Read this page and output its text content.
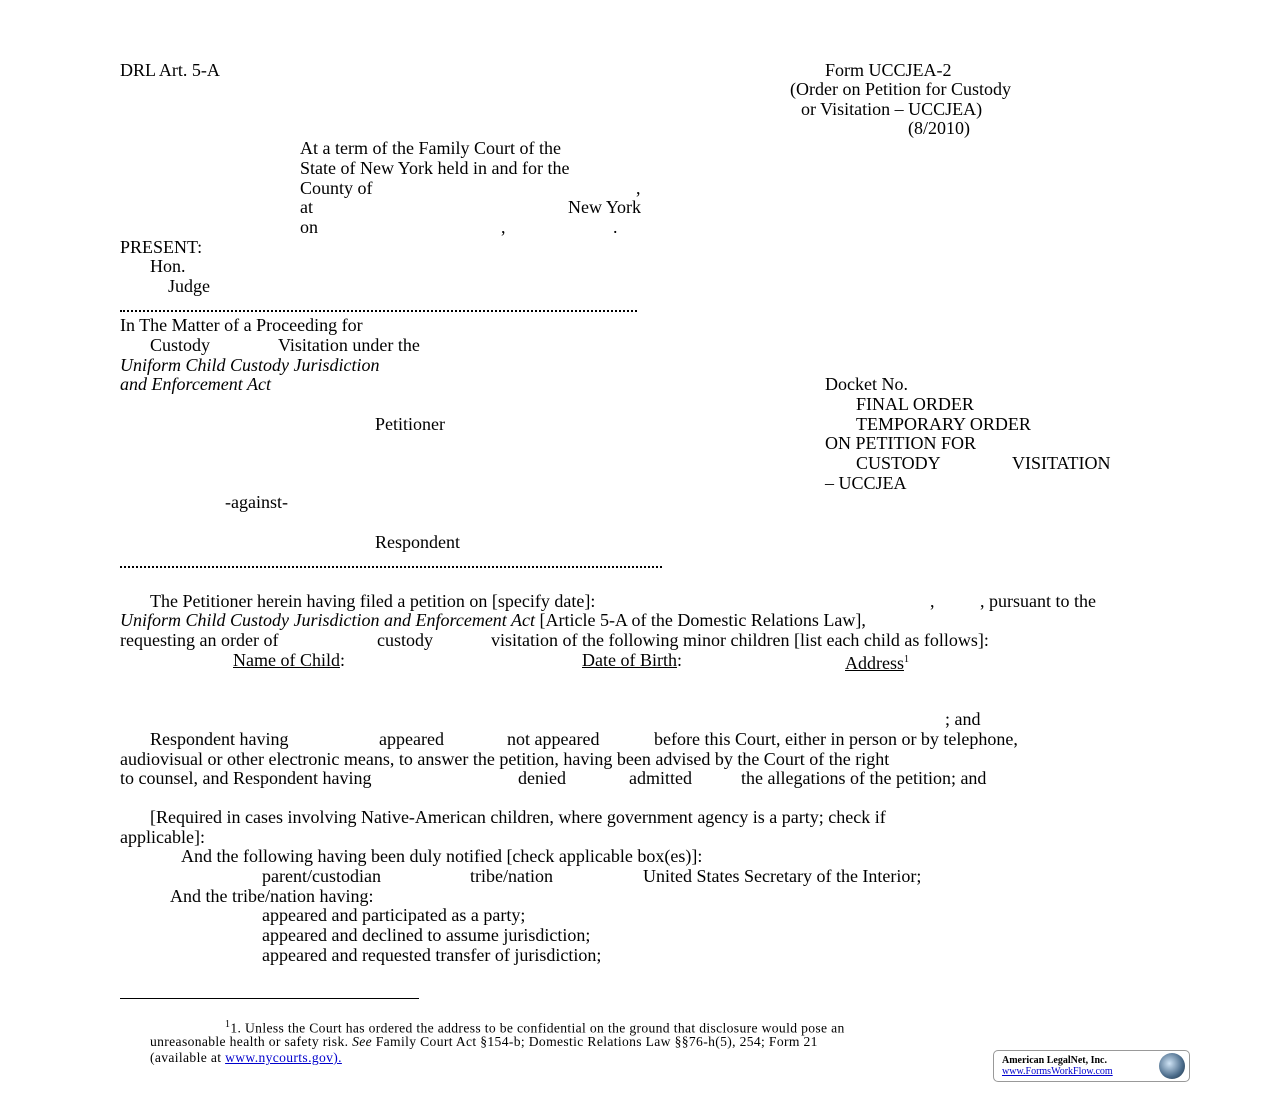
DRL Art. 5-A	Form UCCJEA-2
(Order on Petition for Custody
or Visitation – UCCJEA)
(8/2010)
At a term of the Family Court of the
State of New York held in and for the
County of	,
at	New York
on	,	.
PRESENT:
Hon.
Judge
In The Matter of a Proceeding for
Custody	Visitation under the
Uniform Child Custody Jurisdiction
and Enforcement Act
Petitioner
-against-
Respondent
Docket No.
FINAL ORDER
TEMPORARY ORDER
ON PETITION FOR
CUSTODY	VISITATION
– UCCJEA
The Petitioner herein having filed a petition on [specify date]:	,	, pursuant to the
Uniform Child Custody Jurisdiction and Enforcement Act [Article 5-A of the Domestic Relations Law],
requesting an order of	custody	visitation of the following minor children [list each child as follows]:
Name of Child:	Date of Birth:	Address$^1$
; and
Respondent having	appeared	not appeared	before this Court, either in person or by telephone,
audiovisual or other electronic means, to answer the petition, having been advised by the Court of the right
to counsel, and Respondent having	denied	admitted	the allegations of the petition; and
[Required in cases involving Native-American children, where government agency is a party; check if
applicable]:
And the following having been duly notified [check applicable box(es)]:
parent/custodian	tribe/nation	United States Secretary of the Interior;
And the tribe/nation having:
appeared and participated as a party;
appeared and declined to assume jurisdiction;
appeared and requested transfer of jurisdiction;
$^1$1. Unless the Court has ordered the address to be confidential on the ground that disclosure would pose an
unreasonable health or safety risk. See Family Court Act §154-b; Domestic Relations Law §§76-h(5), 254; Form 21
(available at www.nycourts.gov).	American LegalNet, Inc.
www.FormsWorkFlow.com
